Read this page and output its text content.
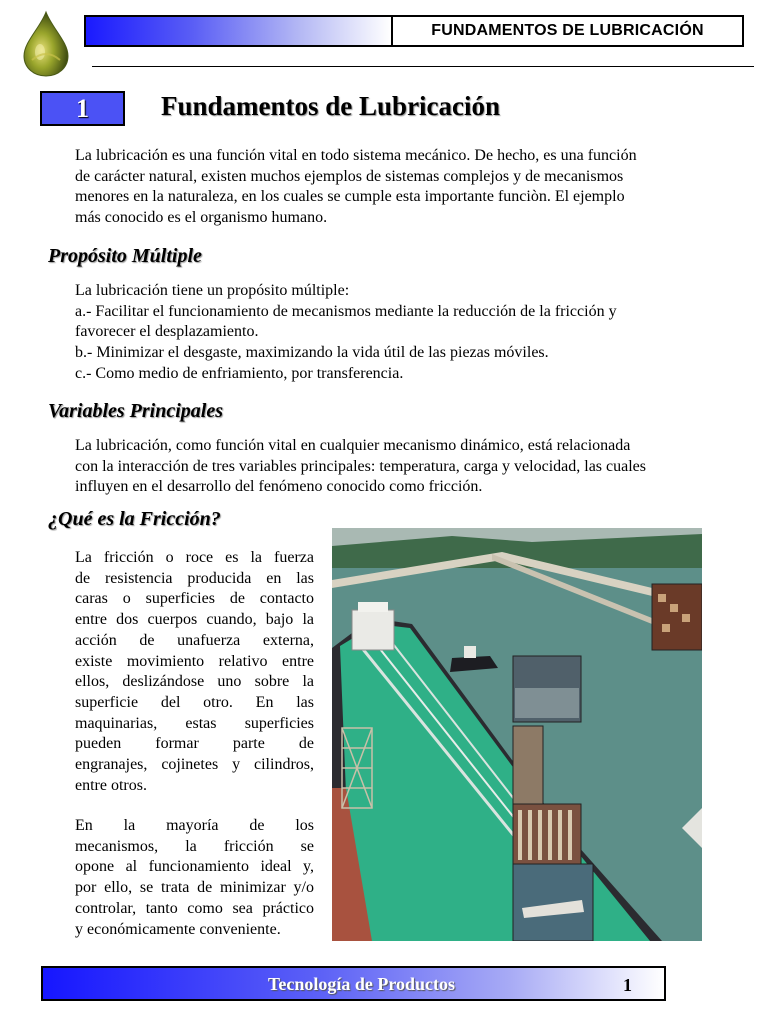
FUNDAMENTOS DE LUBRICACIÓN
1	Fundamentos de Lubricación
La lubricación es una función vital en todo sistema mecánico. De hecho, es una función
de carácter natural, existen muchos ejemplos de sistemas complejos y de mecanismos
menores en la naturaleza, en los cuales se cumple esta importante funciòn. El ejemplo
más conocido es el organismo humano.
Propósito Múltiple
La lubricación tiene un propósito múltiple:
a.- Facilitar el funcionamiento de mecanismos mediante la reducción de la fricción y
favorecer el desplazamiento.
b.- Minimizar el desgaste, maximizando la vida útil de las piezas móviles.
c.- Como medio de enfriamiento, por transferencia.
Variables Principales
La lubricación, como función vital en cualquier mecanismo dinámico, está relacionada
con la interacción de tres variables principales: temperatura, carga y velocidad, las cuales
influyen en el desarrollo del fenómeno conocido como fricción.
¿Qué es la Fricción?
La fricción o roce es la fuerza
de resistencia producida en las
caras o superficies de contacto
entre dos cuerpos cuando, bajo la
acción de unafuerza externa,
existe movimiento relativo entre
ellos, deslizándose uno sobre la
superficie del otro. En las
maquinarias, estas superficies
pueden formar parte de
engranajes, cojinetes y cilindros,
entre otros.
En la mayoría de los
mecanismos, la fricción se
opone al funcionamiento ideal y,
por ello, se trata de minimizar y/o
controlar, tanto como sea práctico
y económicamente conveniente.
Tecnología de Productos	1
